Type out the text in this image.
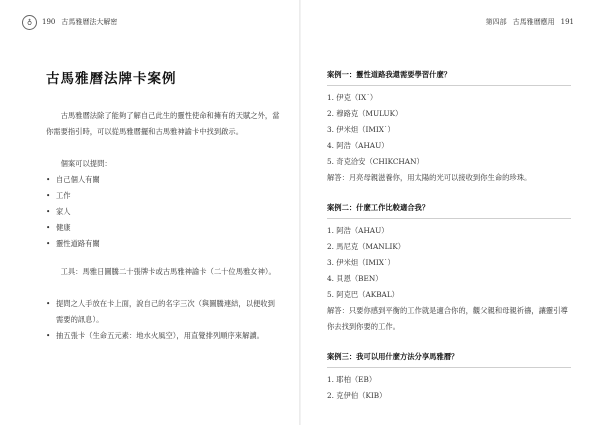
♁	190 古馬雅曆法大解密
古馬雅曆法牌卡案例
古馬雅曆法除了能夠了解自己此生的靈性使命和擁有的天賦之外，當你需要指引時，可以從馬雅曆擺和古馬雅神諭卡中找到啟示。
個案可以提問：
• 自己個人有關
• 工作
• 家人
• 健康
• 靈性道路有關
工具：馬雅日圖騰二十張牌卡或古馬雅神諭卡（二十位馬雅女神）。
• 提問之人手放在卡上面，說自己的名字三次（與圖騰連結，以便收到需要的訊息）。
• 抽五張卡（生命五元素：地水火風空），用直覺排列順序來解讀。
第四部 古馬雅曆應用 191
案例一：靈性道路我還需要學習什麼？
1. 伊克（IX˙）
2. 穆路克（MULUK）
3. 伊米炟（IMIX˙）
4. 阿浩（AHAU）
5. 奇克洽安（CHIKCHAN）
解答：月亮母親滋養你，用太陽的光可以接收到你生命的珍珠。
案例二：什麼工作比較適合我？
1. 阿浩（AHAU）
2. 馬尼克（MANLIK）
3. 伊米炟（IMIX˙）
4. 貝恩（BEN）
5. 阿克巴（AKBAL）
解答：只要你感到平衡的工作就是適合你的，觀父親和母親祈禱，讓靈引導你去找到你要的工作。
案例三：我可以用什麼方法分享馬雅曆？
1. 耶柏（EB）
2. 克伊伯（KIB）
